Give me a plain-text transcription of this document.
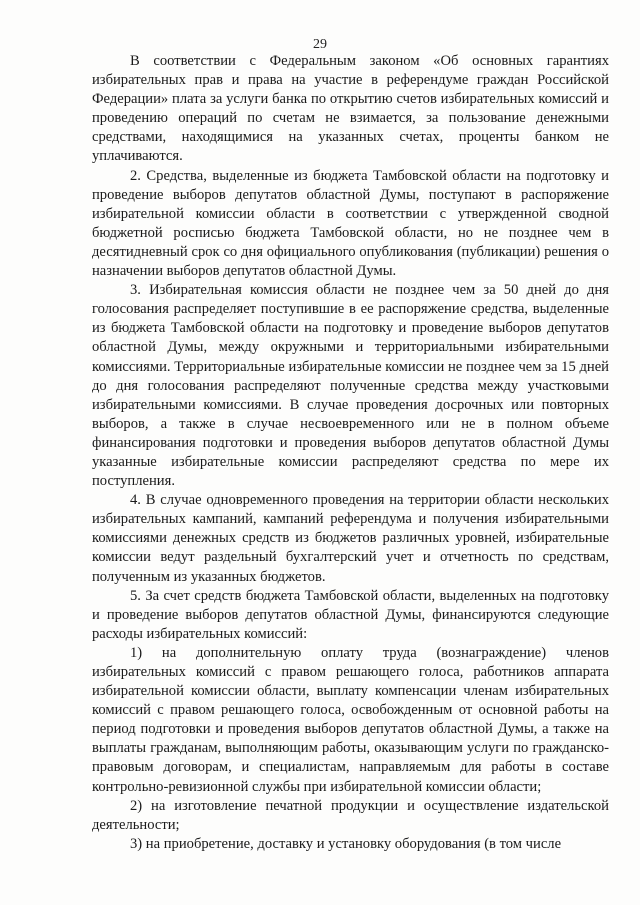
29

В соответствии с Федеральным законом «Об основных гарантиях избирательных прав и права на участие в референдуме граждан Российской Федерации» плата за услуги банка по открытию счетов избирательных комиссий и проведению операций по счетам не взимается, за пользование денежными средствами, находящимися на указанных счетах, проценты банком не уплачиваются.

2. Средства, выделенные из бюджета Тамбовской области на подготовку и проведение выборов депутатов областной Думы, поступают в распоряжение избирательной комиссии области в соответствии с утвержденной сводной бюджетной росписью бюджета Тамбовской области, но не позднее чем в десятидневный срок со дня официального опубликования (публикации) решения о назначении выборов депутатов областной Думы.

3. Избирательная комиссия области не позднее чем за 50 дней до дня голосования распределяет поступившие в ее распоряжение средства, выделенные из бюджета Тамбовской области на подготовку и проведение выборов депутатов областной Думы, между окружными и территориальными избирательными комиссиями. Территориальные избирательные комиссии не позднее чем за 15 дней до дня голосования распределяют полученные средства между участковыми избирательными комиссиями. В случае проведения досрочных или повторных выборов, а также в случае несвоевременного или не в полном объеме финансирования подготовки и проведения выборов депутатов областной Думы указанные избирательные комиссии распределяют средства по мере их поступления.

4. В случае одновременного проведения на территории области нескольких избирательных кампаний, кампаний референдума и получения избирательными комиссиями денежных средств из бюджетов различных уровней, избирательные комиссии ведут раздельный бухгалтерский учет и отчетность по средствам, полученным из указанных бюджетов.

5. За счет средств бюджета Тамбовской области, выделенных на подготовку и проведение выборов депутатов областной Думы, финансируются следующие расходы избирательных комиссий:

1) на дополнительную оплату труда (вознаграждение) членов избирательных комиссий с правом решающего голоса, работников аппарата избирательной комиссии области, выплату компенсации членам избирательных комиссий с правом решающего голоса, освобожденным от основной работы на период подготовки и проведения выборов депутатов областной Думы, а также на выплаты гражданам, выполняющим работы, оказывающим услуги по гражданско-правовым договорам, и специалистам, направляемым для работы в составе контрольно-ревизионной службы при избирательной комиссии области;

2) на изготовление печатной продукции и осуществление издательской деятельности;

3) на приобретение, доставку и установку оборудования (в том числе
